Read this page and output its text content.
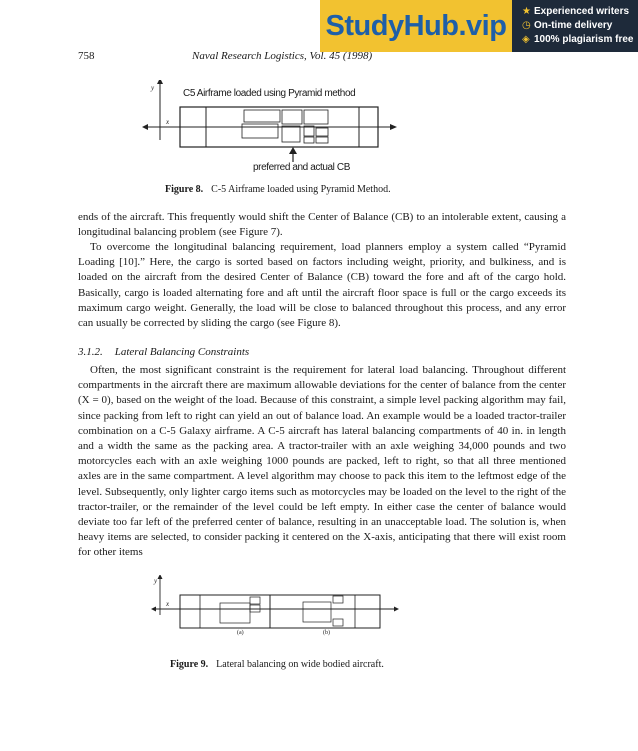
StudyHub.vip	★ Experienced writers
◷ On-time delivery
◈ 100% plagiarism free
758	Naval Research Logistics, Vol. 45 (1998)
C5 Airframe loaded using Pyramid method
preferred and actual CB
y
x
Figure 8. C-5 Airframe loaded using Pyramid Method.
ends of the aircraft. This frequently would shift the Center of Balance (CB) to an intolerable extent, causing a longitudinal balancing problem (see Figure 7).
To overcome the longitudinal balancing requirement, load planners employ a system called “Pyramid Loading [10].” Here, the cargo is sorted based on factors including weight, priority, and bulkiness, and is loaded on the aircraft from the desired Center of Balance (CB) toward the fore and aft of the cargo hold. Basically, cargo is loaded alternating fore and aft until the aircraft floor space is full or the cargo exceeds its maximum cargo weight. Generally, the load will be close to balanced throughout this process, and any error can usually be corrected by sliding the cargo (see Figure 8).
3.1.2. Lateral Balancing Constraints
Often, the most significant constraint is the requirement for lateral load balancing. Throughout different compartments in the aircraft there are maximum allowable deviations for the center of balance from the center (X = 0), based on the weight of the load. Because of this constraint, a simple level packing algorithm may fail, since packing from left to right can yield an out of balance load. An example would be a loaded tractor-trailer combination on a C-5 Galaxy airframe. A C-5 aircraft has lateral balancing compartments of 40 in. in length and a width the same as the packing area. A tractor-trailer with an axle weighing 34,000 pounds and two motorcycles each with an axle weighing 1000 pounds are packed, left to right, so that all three mentioned axles are in the same compartment. A level algorithm may choose to pack this item to the leftmost edge of the level. Subsequently, only lighter cargo items such as motorcycles may be loaded on the level to the right of the tractor-trailer, or the remainder of the level could be left empty. In either case the center of balance would deviate too far left of the preferred center of balance, resulting in an unacceptable load. The solution is, when heavy items are selected, to consider packing it centered on the X-axis, anticipating that there will exist room for other items
y
x
(a)	(b)
Figure 9. Lateral balancing on wide bodied aircraft.
